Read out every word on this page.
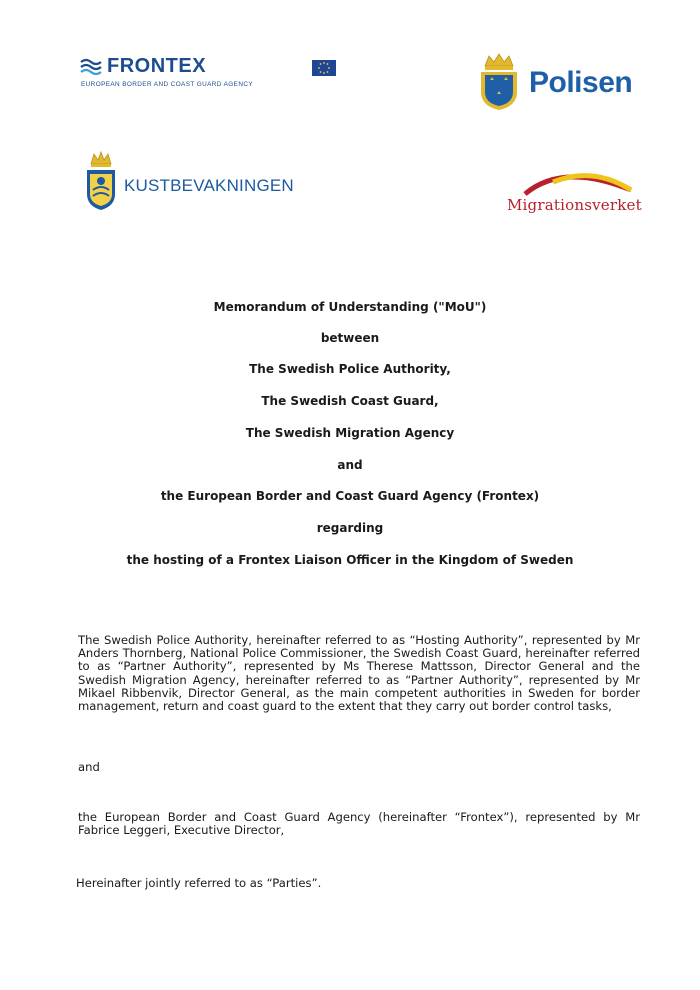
FRONTEX
EUROPEAN BORDER AND COAST GUARD AGENCY	Polisen
KUSTBEVAKNINGEN
Migrationsverket
Memorandum of Understanding ("MoU")
between
The Swedish Police Authority,
The Swedish Coast Guard,
The Swedish Migration Agency
and
the European Border and Coast Guard Agency (Frontex)
regarding
the hosting of a Frontex Liaison Officer in the Kingdom of Sweden

The Swedish Police Authority, hereinafter referred to as “Hosting Authority”, represented by Mr Anders Thornberg, National Police Commissioner, the Swedish Coast Guard, hereinafter referred to as “Partner Authority”, represented by Ms Therese Mattsson, Director General and the Swedish Migration Agency, hereinafter referred to as “Partner Authority”, represented by Mr Mikael Ribbenvik, Director General, as the main competent authorities in Sweden for border management, return and coast guard to the extent that they carry out border control tasks,

and

the European Border and Coast Guard Agency (hereinafter “Frontex”), represented by Mr Fabrice Leggeri, Executive Director,

Hereinafter jointly referred to as “Parties”.
